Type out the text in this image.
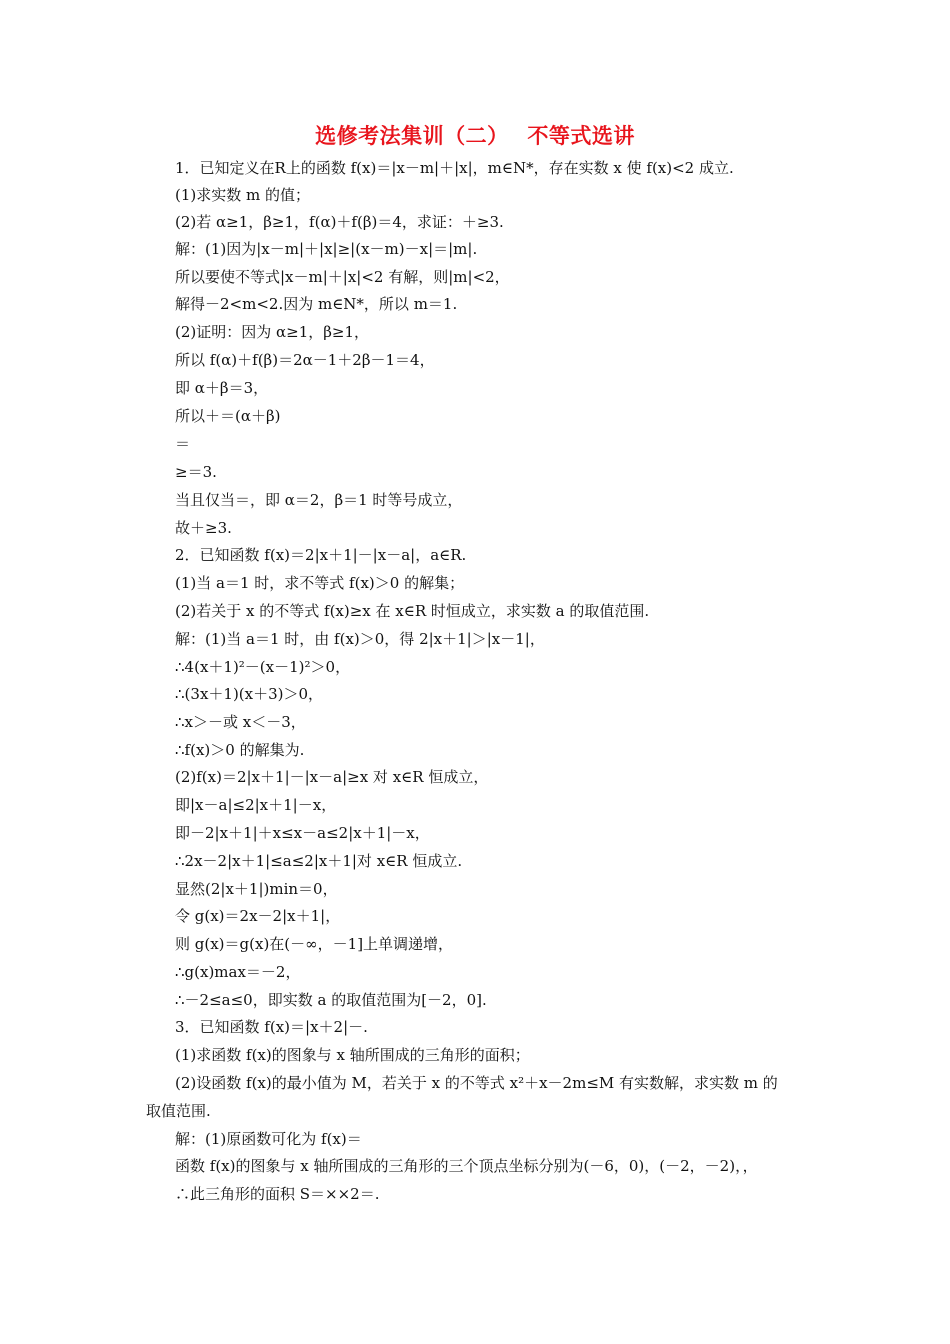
选修考法集训（二）　 不等式选讲
1．已知定义在R上的函数 f(x)＝|x－m|＋|x|，m∈N*，存在实数 x 使 f(x)<2 成立.
(1)求实数 m 的值；
(2)若 α≥1，β≥1，f(α)＋f(β)＝4，求证：＋≥3.
解：(1)因为|x－m|＋|x|≥|(x－m)－x|＝|m|.
所以要使不等式|x－m|＋|x|<2 有解，则|m|<2，
解得－2<m<2.因为 m∈N*，所以 m＝1.
(2)证明：因为 α≥1，β≥1，
所以 f(α)＋f(β)＝2α－1＋2β－1＝4，
即 α＋β＝3，
所以＋＝(α＋β)
＝
≥＝3.
当且仅当＝，即 α＝2，β＝1 时等号成立，
故＋≥3.
2．已知函数 f(x)＝2|x＋1|－|x－a|，a∈R.
(1)当 a＝1 时，求不等式 f(x)＞0 的解集；
(2)若关于 x 的不等式 f(x)≥x 在 x∈R 时恒成立，求实数 a 的取值范围.
解：(1)当 a＝1 时，由 f(x)＞0，得 2|x＋1|＞|x－1|，
∴4(x＋1)²－(x－1)²＞0，
∴(3x＋1)(x＋3)＞0，
∴x＞－或 x＜－3，
∴f(x)＞0 的解集为.
(2)f(x)＝2|x＋1|－|x－a|≥x 对 x∈R 恒成立，
即|x－a|≤2|x＋1|－x，
即－2|x＋1|＋x≤x－a≤2|x＋1|－x，
∴2x－2|x＋1|≤a≤2|x＋1|对 x∈R 恒成立.
显然(2|x＋1|)min＝0，
令 g(x)＝2x－2|x＋1|，
则 g(x)＝g(x)在(－∞，－1]上单调递增，
∴g(x)max＝－2，
∴－2≤a≤0，即实数 a 的取值范围为[－2，0].
3．已知函数 f(x)＝|x＋2|－.
(1)求函数 f(x)的图象与 x 轴所围成的三角形的面积；
(2)设函数 f(x)的最小值为 M，若关于 x 的不等式 x²＋x－2m≤M 有实数解，求实数 m 的
取值范围.
解：(1)原函数可化为 f(x)＝
函数 f(x)的图象与 x 轴所围成的三角形的三个顶点坐标分别为(－6，0)，(－2，－2)，，
∴此三角形的面积 S＝××2＝.
